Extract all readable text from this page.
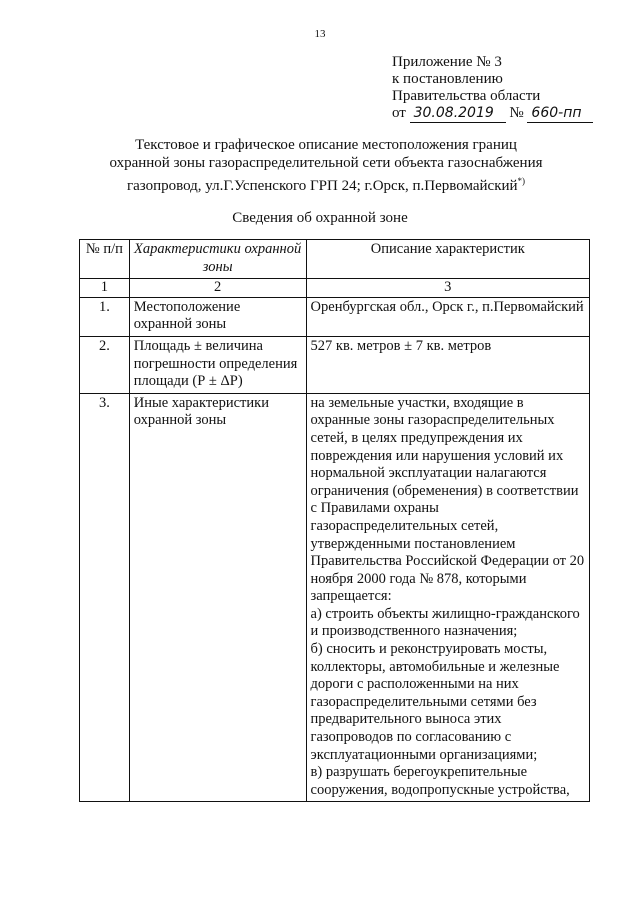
13
Приложение № 3
к постановлению
Правительства области
от 30.08.2019 № 660-пп
Текстовое и графическое описание местоположения границ
охранной зоны газораспределительной сети объекта газоснабжения
газопровод, ул.Г.Успенского ГРП 24; г.Орск, п.Первомайский*)
Сведения об охранной зоне
№ п/п	Характеристики охранной зоны	Описание характеристик
1	2	3
1.	Местоположение охранной зоны	Оренбургская обл., Орск г., п.Первомайский
2.	Площадь ± величина погрешности определения площади (Р ± ΔР)	527 кв. метров ± 7 кв. метров
3.	Иные характеристики охранной зоны	на земельные участки, входящие в охранные зоны газораспределительных сетей, в целях предупреждения их повреждения или нарушения условий их нормальной эксплуатации налагаются ограничения (обременения) в соответствии с Правилами охраны газораспределительных сетей, утвержденными постановлением Правительства Российской Федерации от 20 ноября 2000 года № 878, которыми запрещается:
а) строить объекты жилищно-гражданского и производственного назначения;
б) сносить и реконструировать мосты, коллекторы, автомобильные и железные дороги с расположенными на них газораспределительными сетями без предварительного выноса этих газопроводов по согласованию с эксплуатационными организациями;
в) разрушать берегоукрепительные сооружения, водопропускные устройства,
